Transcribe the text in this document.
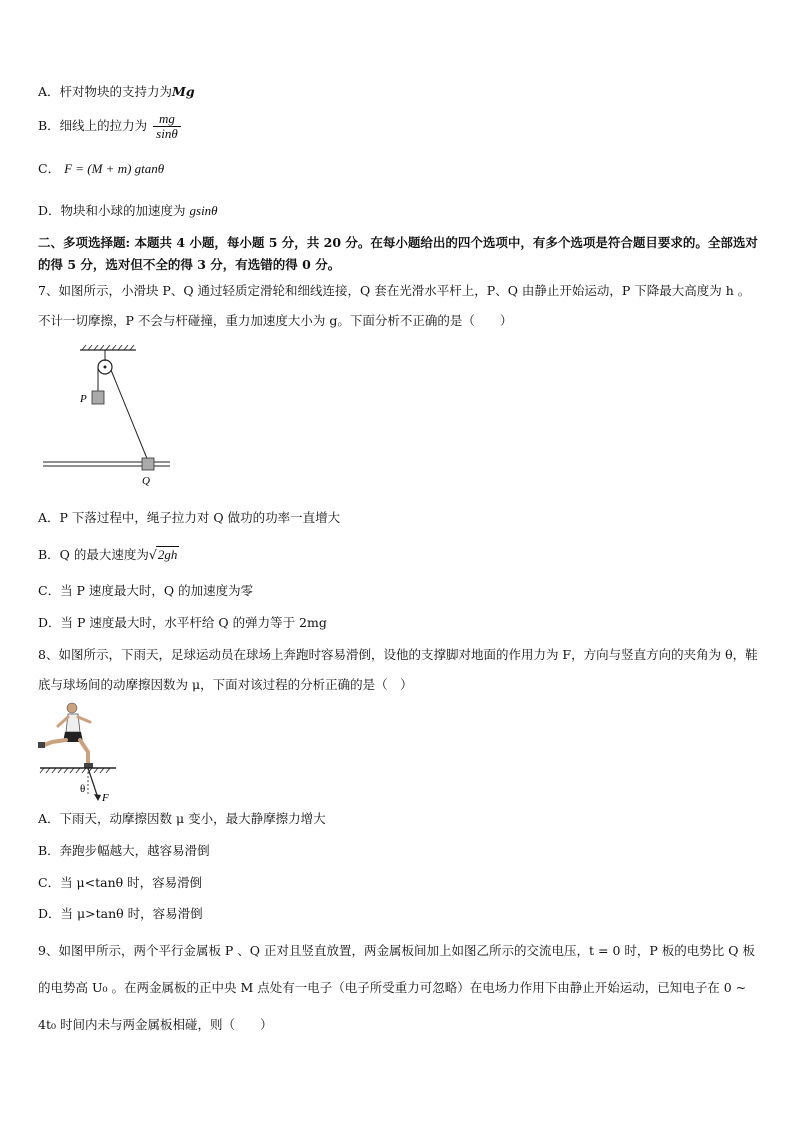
A．杆对物块的支持力为Mg
B．细线上的拉力为 $\frac{mg}{\sin\theta}$
C． F = (M + m) gtanθ
D．物块和小球的加速度为 gsinθ
二、多项选择题: 本题共 4 小题，每小题 5 分，共 20 分。在每小题给出的四个选项中，有多个选项是符合题目要求的。全部选对的得 5 分，选对但不全的得 3 分，有选错的得 0 分。
7、如图所示，小滑块 P、Q 通过轻质定滑轮和细线连接，Q 套在光滑水平杆上，P、Q 由静止开始运动，P 下降最大高度为 h 。不计一切摩擦，P 不会与杆碰撞，重力加速度大小为 g。下面分析不正确的是（　　）
P
Q
A．P 下落过程中，绳子拉力对 Q 做功的功率一直增大
B．Q 的最大速度为√2gh
C．当 P 速度最大时，Q 的加速度为零
D．当 P 速度最大时，水平杆给 Q 的弹力等于 2mg
8、如图所示，下雨天，足球运动员在球场上奔跑时容易滑倒，设他的支撑脚对地面的作用力为 F，方向与竖直方向的夹角为 θ，鞋底与球场间的动摩擦因数为 μ，下面对该过程的分析正确的是（　）
θ
F
A．下雨天，动摩擦因数 μ 变小，最大静摩擦力增大
B．奔跑步幅越大，越容易滑倒
C．当 μ<tanθ 时，容易滑倒
D．当 μ>tanθ 时，容易滑倒
9、如图甲所示，两个平行金属板 P 、Q 正对且竖直放置，两金属板间加上如图乙所示的交流电压，t = 0 时，P 板的电势比 Q 板的电势高 U₀ 。在两金属板的正中央 M 点处有一电子（电子所受重力可忽略）在电场力作用下由静止开始运动，已知电子在 0 ~ 4t₀ 时间内未与两金属板相碰，则（　　）
